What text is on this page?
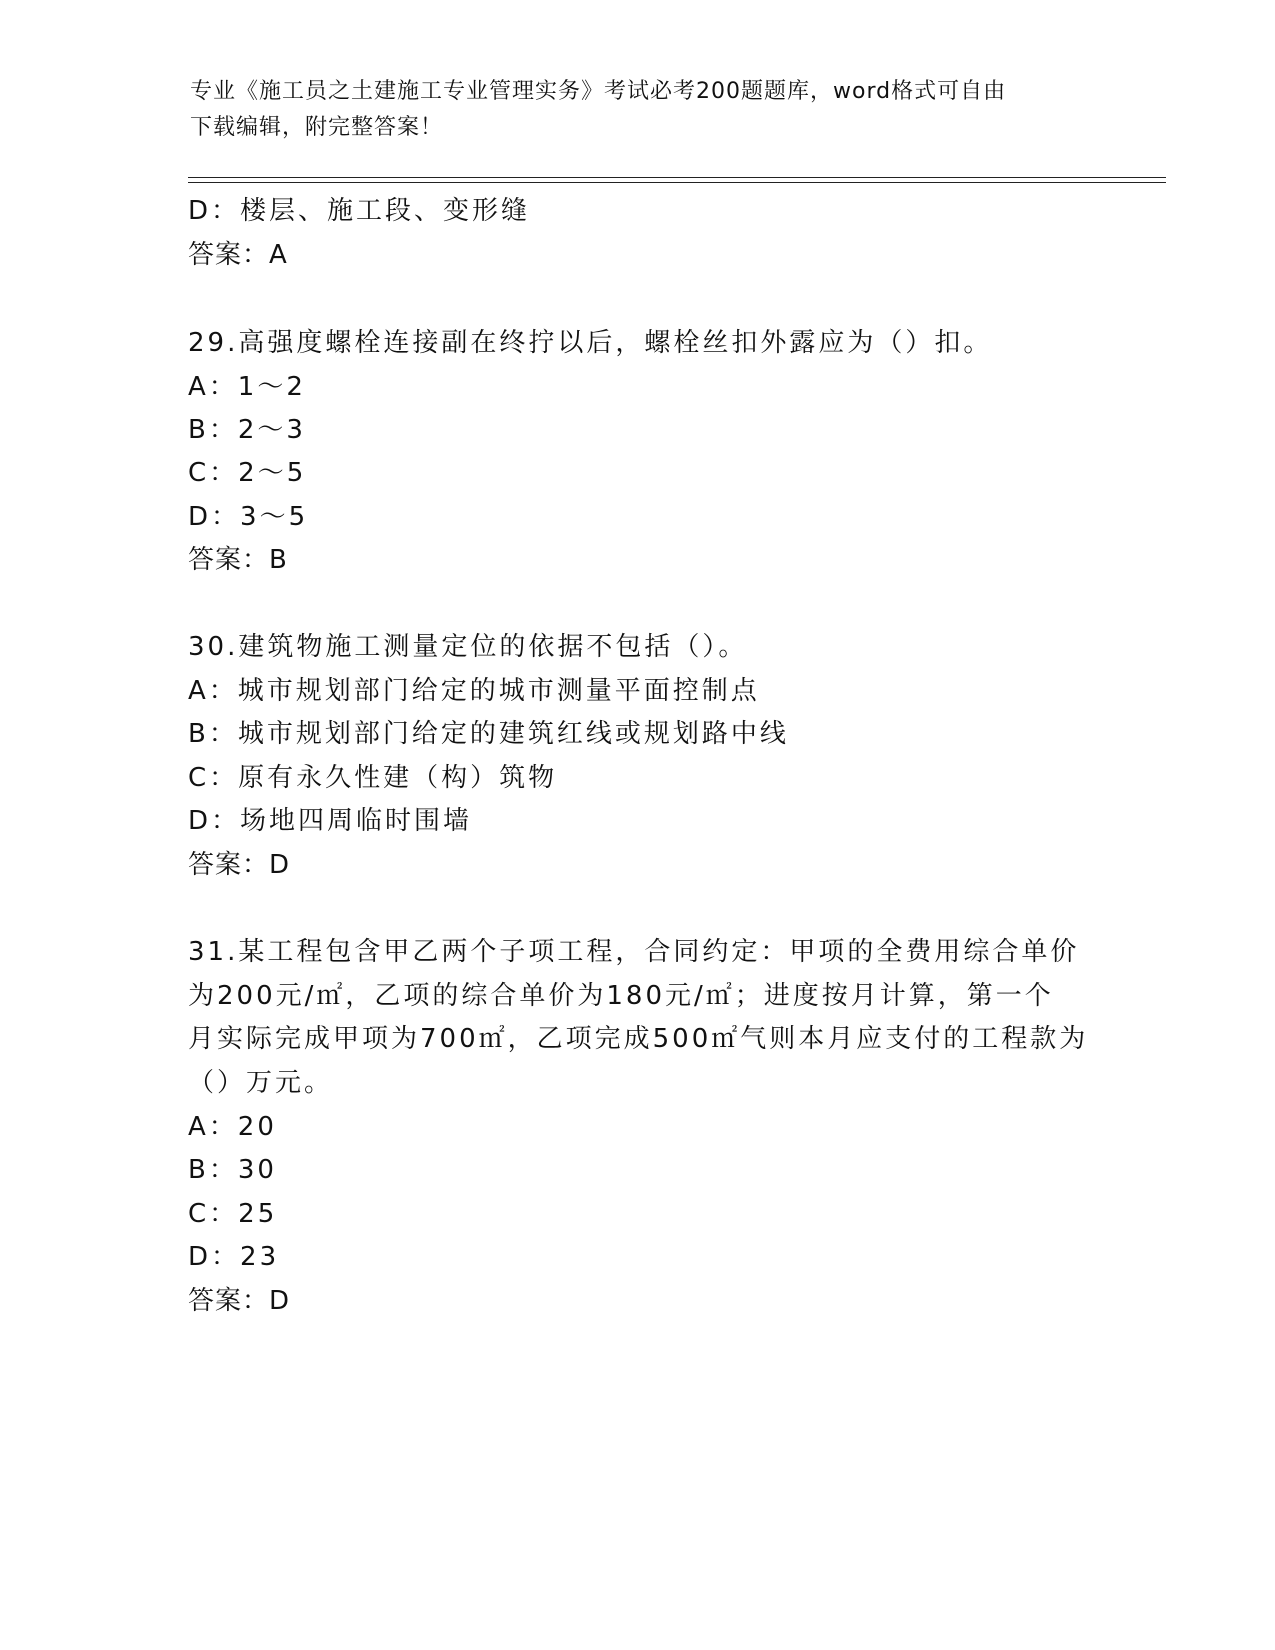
专业《施工员之土建施工专业管理实务》考试必考200题题库，word格式可自由
下载编辑，附完整答案！
D：楼层、施工段、变形缝
答案：A
29.高强度螺栓连接副在终拧以后，螺栓丝扣外露应为（）扣。
A：1～2
B：2～3
C：2～5
D：3～5
答案：B
30.建筑物施工测量定位的依据不包括（）。
A：城市规划部门给定的城市测量平面控制点
B：城市规划部门给定的建筑红线或规划路中线
C：原有永久性建（构）筑物
D：场地四周临时围墙
答案：D
31.某工程包含甲乙两个子项工程，合同约定：甲项的全费用综合单价
为200元/㎡，乙项的综合单价为180元/㎡；进度按月计算，第一个
月实际完成甲项为700㎡，乙项完成500㎡气则本月应支付的工程款为
（）万元。
A：20
B：30
C：25
D：23
答案：D
